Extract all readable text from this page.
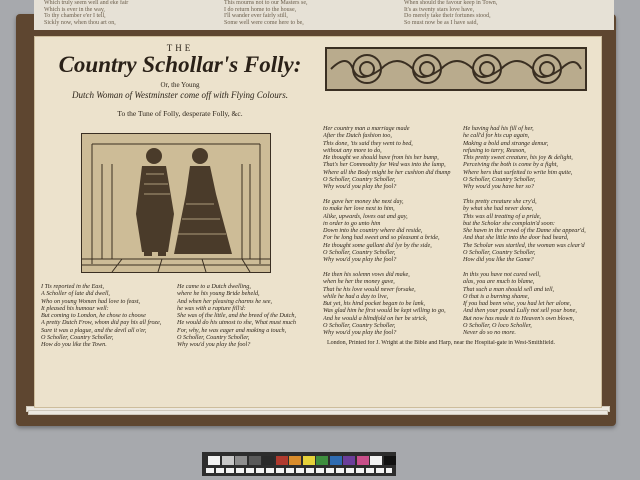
Which truly seem well and eke fair

Which is ever in the way,

To thy chamber e'er I tell,

Sickly now, when thou art on,

This mourns not to our Masters se,

I do return home to the house,

I'll wander ever fairly still,

Some well were come here to be,

When should the favour keep in Town,

It's as twenty stars love have,

Do merely take their fortunes stood,

So must now be as I have said,

THE
Country Schollar's Folly:
Or, the Young
Dutch Woman of Westminster come off with Flying Colours.
To the Tune of Folly, desperate Folly, &c.

I Tis reported in the East,

A Scholler of late did dwell,

Who on young Women had love to feast,

It pleased his humour well:

But coming to London, he chose to choose

A pretty Dutch Frow, whom did pay his all froze,

Sure it was a plague, and the devil all o'er,

O Scholler, Country Scholler,

How do you like the Town.

He came to a Dutch dwelling,

where he his young Bride beheld,

And when her pleasing charms he see,

he was with a rapture fill'd:

She was of the little, and the breed of the Dutch,

He would do his utmost to she, What must much

For, why, he was eager and making a touch,

O Scholler, Country Scholler,

Why wou'd you play the fool?

Her country man a marriage made

After the Dutch fashion too,

This done, 'tis said they went to bed,

without any more to do,

He thought we should have from his her bump,

That's her Commodity for Wed was into the lump,

Where all the Body might be her cushion did thump

O Scholler, Country Scholler,

Why wou'd you play the fool?

He gave her money the next day,

to make her love next to him,

Alike, upwards, loves out and gay,

in order to go unto him

Down into the country where did reside,

For he long had sweet and so pleasant a bride,

He thought some gallant did lye by the side,

O Scholler, Country Scholler,

Why wou'd you play the fool?

He then his solemn vows did make,

when he her the money gave,

That he his love would never forsake,

while he had a day to live,

But yet, his hind pocket began to be lank,

Was glad him he first would be kept willing to go,

And he would a blindfold on her be strick,

O Scholler, Country Scholler,

Why wou'd you play the fool?

He having had his fill of her,

he call'd for his cup again,

Making a bold and strange demur,

refusing to tarry, Reason,

This pretty sweet creature, his joy & delight,

Perceiving the both is come by a fight,

Where hers that surfeited to write him quite,

O Scholler, Country Scholler,

Why wou'd you have her so?

This pretty creature she cry'd,

by what she had never done,

This was all treating of a pride,

but the Scholar she complain'd soon:

She hawn in the crowd of the Dame she appear'd,

And that she little into the door had heard,

The Scholar was startled, the woman was clear'd

O Scholler, Country Scholler,

How did you like the Game?

In this you have not cured well,

alas, you are much to blame,

That such a man should sell and tell,

O that is a burning shame,

If you had been wise, you had let her alone,

And then your pound Lully not sell your bone,

But now has made it to Heaven's own blown,

O Scholler, O loco Scholler,

Never do so no more.

London, Printed for J. Wright at the Bible and Harp, near the Hospital-gate in West-Smithfield.
